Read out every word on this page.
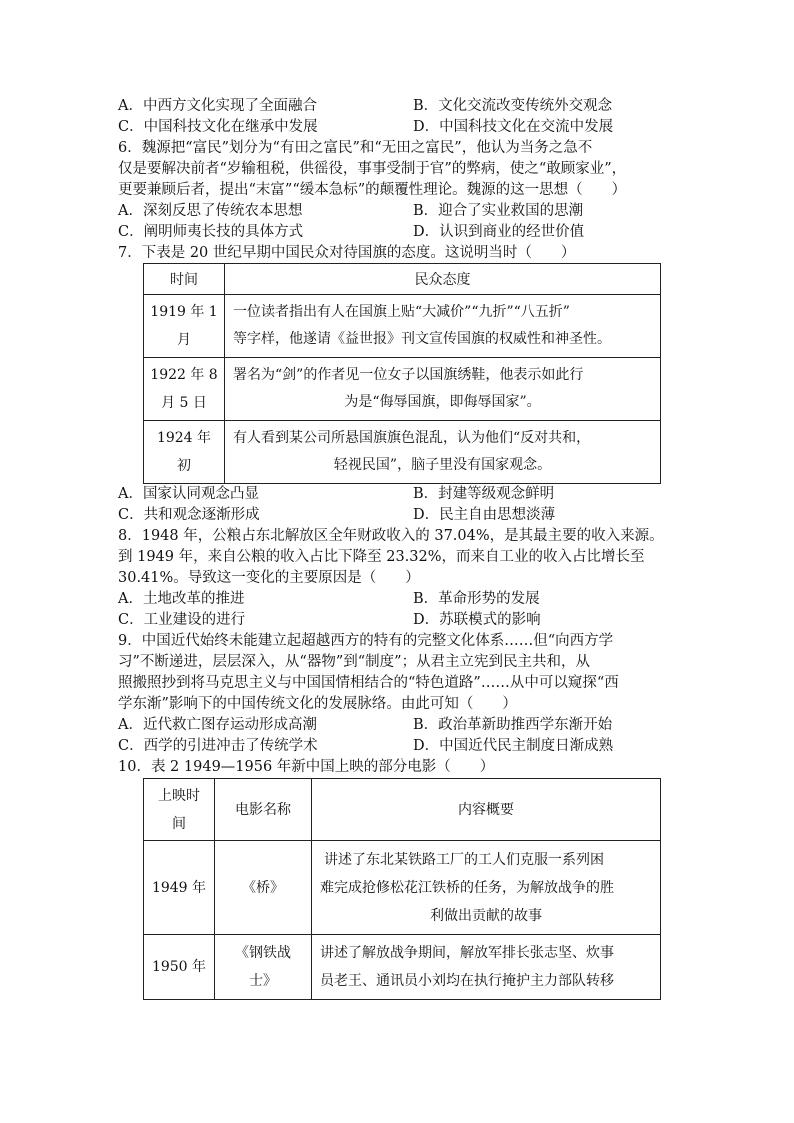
A．中西方文化实现了全面融合	B．文化交流改变传统外交观念
C．中国科技文化在继承中发展	D．中国科技文化在交流中发展
6．魏源把“富民”划分为“有田之富民”和“无田之富民”，他认为当务之急不
仅是要解决前者“岁输租税，供徭役，事事受制于官”的弊病，使之“敢顾家业”，
更要兼顾后者，提出“末富”“缓本急标”的颠覆性理论。魏源的这一思想（　　）
A．深刻反思了传统农本思想	B．迎合了实业救国的思潮
C．阐明师夷长技的具体方式	D．认识到商业的经世价值
7．下表是 20 世纪早期中国民众对待国旗的态度。这说明当时（　　）
时间	民众态度

1919 年 1
月	一位读者指出有人在国旗上贴“大减价”“九折”“八五折”
等字样，他遂请《益世报》刊文宣传国旗的权威性和神圣性。

1922 年 8
月 5 日	署名为“剑”的作者见一位女子以国旗绣鞋，他表示如此行
为是“侮辱国旗，即侮辱国家”。

1924 年
初	有人看到某公司所悬国旗旗色混乱，认为他们“反对共和，
轻视民国”，脑子里没有国家观念。
A．国家认同观念凸显	B．封建等级观念鲜明
C．共和观念逐渐形成	D．民主自由思想淡薄
8．1948 年，公粮占东北解放区全年财政收入的 37.04%，是其最主要的收入来源。
到 1949 年，来自公粮的收入占比下降至 23.32%，而来自工业的收入占比增长至
30.41%。导致这一变化的主要原因是（　　）
A．土地改革的推进	B．革命形势的发展
C．工业建设的进行	D．苏联模式的影响
9．中国近代始终未能建立起超越西方的特有的完整文化体系……但“向西方学
习”不断递进，层层深入，从“器物”到“制度”；从君主立宪到民主共和，从
照搬照抄到将马克思主义与中国国情相结合的“特色道路”……从中可以窥探“西
学东渐”影响下的中国传统文化的发展脉络。由此可知（　　）
A．近代救亡图存运动形成高潮	B．政治革新助推西学东渐开始
C．西学的引进冲击了传统学术	D．中国近代民主制度日渐成熟
10．表 2 1949—1956 年新中国上映的部分电影（　　）
上映时
间	电影名称	内容概要
1949 年	《桥》	讲述了东北某铁路工厂的工人们克服一系列困
难完成抢修松花江铁桥的任务，为解放战争的胜
利做出贡献的故事

1950 年	《钢铁战
士》	讲述了解放战争期间，解放军排长张志坚、炊事
员老王、通讯员小刘均在执行掩护主力部队转移
